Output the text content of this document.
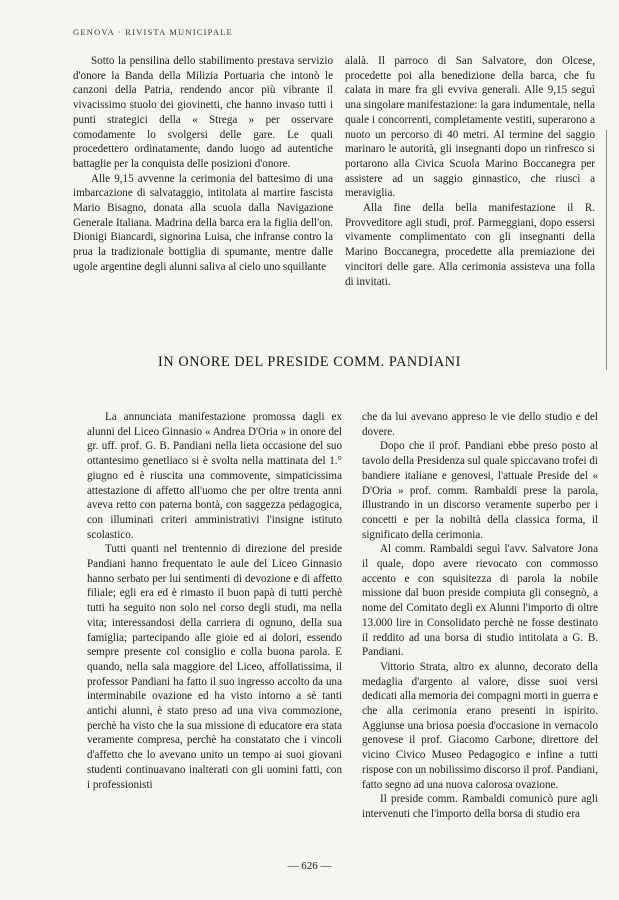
GENOVA · RIVISTA MUNICIPALE

Sotto la pensilina dello stabilimento prestava servizio d'onore la Banda della Milizia Portuaria che intonò le canzoni della Patria, rendendo ancor più vibrante il vivacissimo stuolo dei giovinetti, che hanno invaso tutti i punti strategici della « Strega » per osservare comodamente lo svolgersi delle gare. Le quali procedettero ordinatamente, dando luogo ad autentiche battaglie per la conquista delle posizioni d'onore.

Alle 9,15 avvenne la cerimonia del battesimo di una imbarcazione di salvataggio, intitolata al martire fascista Mario Bisagno, donata alla scuola dalla Navigazione Generale Italiana. Madrina della barca era la figlia dell'on. Dionigi Biancardi, signorina Luisa, che infranse contro la prua la tradizionale bottiglia di spumante, mentre dalle ugole argentine degli alunni saliva al cielo uno squillante

alalà. Il parroco di San Salvatore, don Olcese, procedette poi alla benedizione della barca, che fu calata in mare fra gli evviva generali. Alle 9,15 seguì una singolare manifestazione: la gara indumentale, nella quale i concorrenti, completamente vestiti, superarono a nuoto un percorso di 40 metri. Al termine del saggio marinaro le autorità, gli insegnanti dopo un rinfresco si portarono alla Civica Scuola Marino Boccanegra per assistere ad un saggio ginnastico, che riuscì a meraviglia.

Alla fine della bella manifestazione il R. Provveditore agli studi, prof. Parmeggiani, dopo essersi vivamente complimentato con gli insegnanti della Marino Boccanegra, procedette alla premiazione dei vincitori delle gare. Alla cerimonia assisteva una folla di invitati.

IN ONORE DEL PRESIDE COMM. PANDIANI

La annunciata manifestazione promossa dagli ex alunni del Liceo Ginnasio « Andrea D'Oria » in onore del gr. uff. prof. G. B. Pandiani nella lieta occasione del suo ottantesimo genetliaco si è svolta nella mattinata del 1.° giugno ed è riuscita una commovente, simpaticissima attestazione di affetto all'uomo che per oltre trenta anni aveva retto con paterna bontà, con saggezza pedagogica, con illuminati criteri amministrativi l'insigne istituto scolastico.

Tutti quanti nel trentennio di direzione del preside Pandiani hanno frequentato le aule del Liceo Ginnasio hanno serbato per lui sentimenti di devozione e di affetto filiale; egli era ed è rimasto il buon papà di tutti perchè tutti ha seguito non solo nel corso degli studi, ma nella vita; interessandosi della carriera di ognuno, della sua famiglia; partecipando alle gioie ed ai dolori, essendo sempre presente col consiglio e colla buona parola. E quando, nella sala maggiore del Liceo, affollatissima, il professor Pandiani ha fatto il suo ingresso accolto da una interminabile ovazione ed ha visto intorno a sè tanti antichi alunni, è stato preso ad una viva commozione, perchè ha visto che la sua missione di educatore era stata veramente compresa, perchè ha constatato che i vincoli d'affetto che lo avevano unito un tempo ai suoi giovani studenti continuavano inalterati con gli uomini fatti, con i professionisti

che da lui avevano appreso le vie dello studio e del dovere.

Dopo che il prof. Pandiani ebbe preso posto al tavolo della Presidenza sul quale spiccavano trofei di bandiere italiane e genovesi, l'attuale Preside del « D'Oria » prof. comm. Rambaldi prese la parola, illustrando in un discorso veramente superbo per i concetti e per la nobiltà della classica forma, il significato della cerimonia.

Al comm. Rambaldi seguì l'avv. Salvatore Jona il quale, dopo avere rievocato con commosso accento e con squisitezza di parola la nobile missione dal buon preside compiuta gli consegnò, a nome del Comitato degli ex Alunni l'importo di oltre 13.000 lire in Consolidato perchè ne fosse destinato il reddito ad una borsa di studio intitolata a G. B. Pandiani.

Vittorio Strata, altro ex alunno, decorato della medaglia d'argento al valore, disse suoi versi dedicati alla memoria dei compagni morti in guerra e che alla cerimonia erano presenti in ispirito. Aggiunse una briosa poesia d'occasione in vernacolo genovese il prof. Giacomo Carbone, direttore del vicino Civico Museo Pedagogico e infine a tutti rispose con un nobilissimo discorso il prof. Pandiani, fatto segno ad una nuova calorosa ovazione.

Il preside comm. Rambaldi comunicò pure agli intervenuti che l'importo della borsa di studio era

— 626 —
